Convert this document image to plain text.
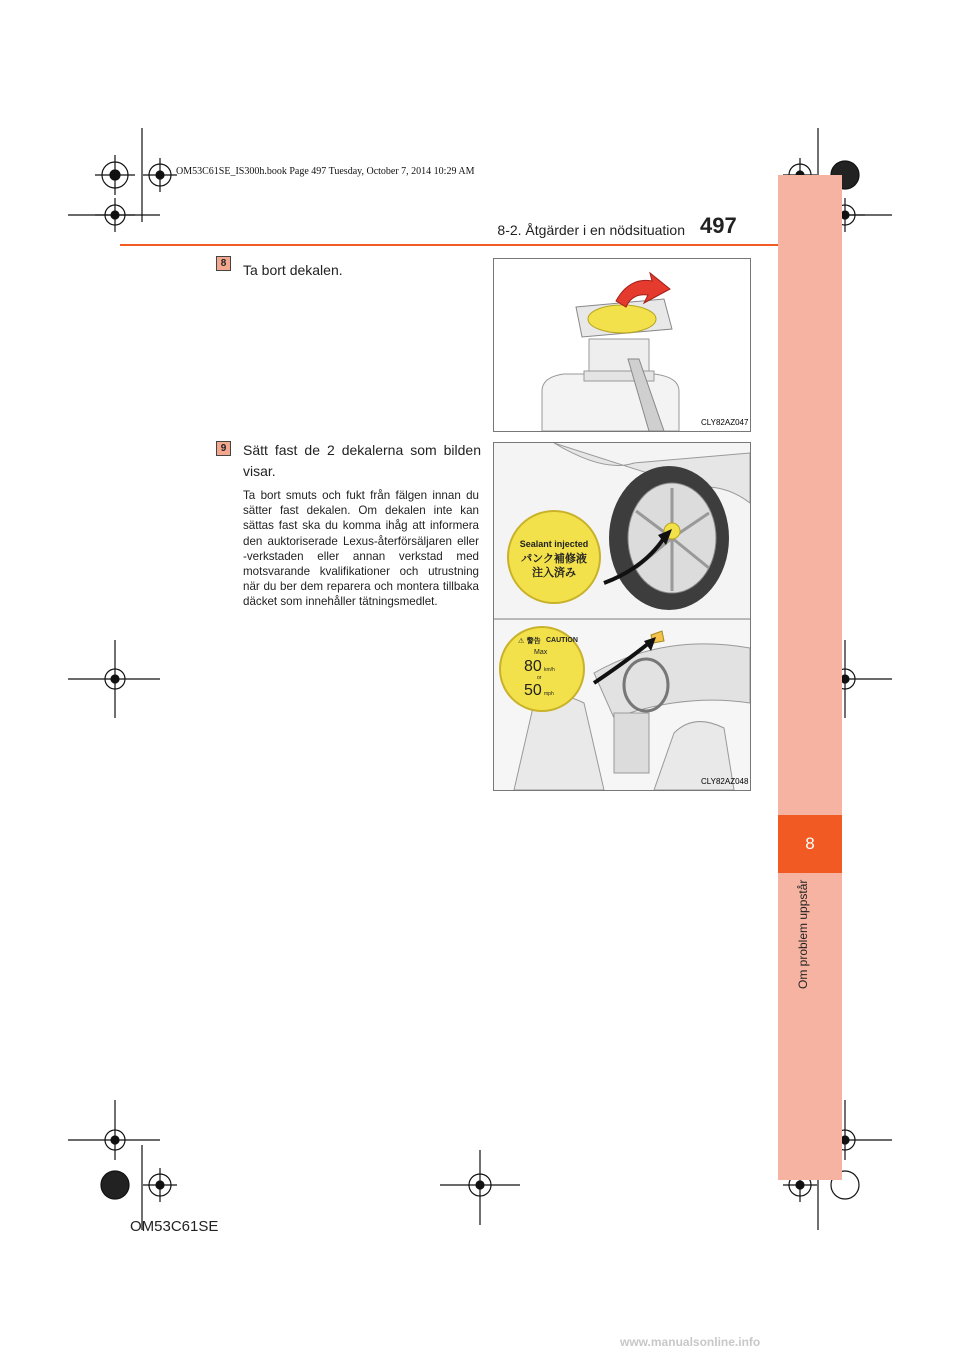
OM53C61SE_IS300h.book Page 497 Tuesday, October 7, 2014 10:29 AM
8
Om problem uppstår
8-2. Åtgärder i en nödsituation 497
8	Ta bort dekalen.
CLY82AZ047
9	Sätt fast de 2 dekalerna som bilden visar.
Ta bort smuts och fukt från fälgen innan du sätter fast dekalen. Om dekalen inte kan sättas fast ska du komma ihåg att informera den auktoriserade Lexus-återförsäljaren eller -verkstaden eller annan verkstad med motsvarande kvalifikationer och utrustning när du ber dem reparera och montera tillbaka däcket som innehåller tätningsmedlet.
Sealant injected
パンク補修液
注入済み
⚠ 警告 CAUTION
Max
80 km/h
or
50 mph
CLY82AZ048
OM53C61SE
www.manualsonline.info
